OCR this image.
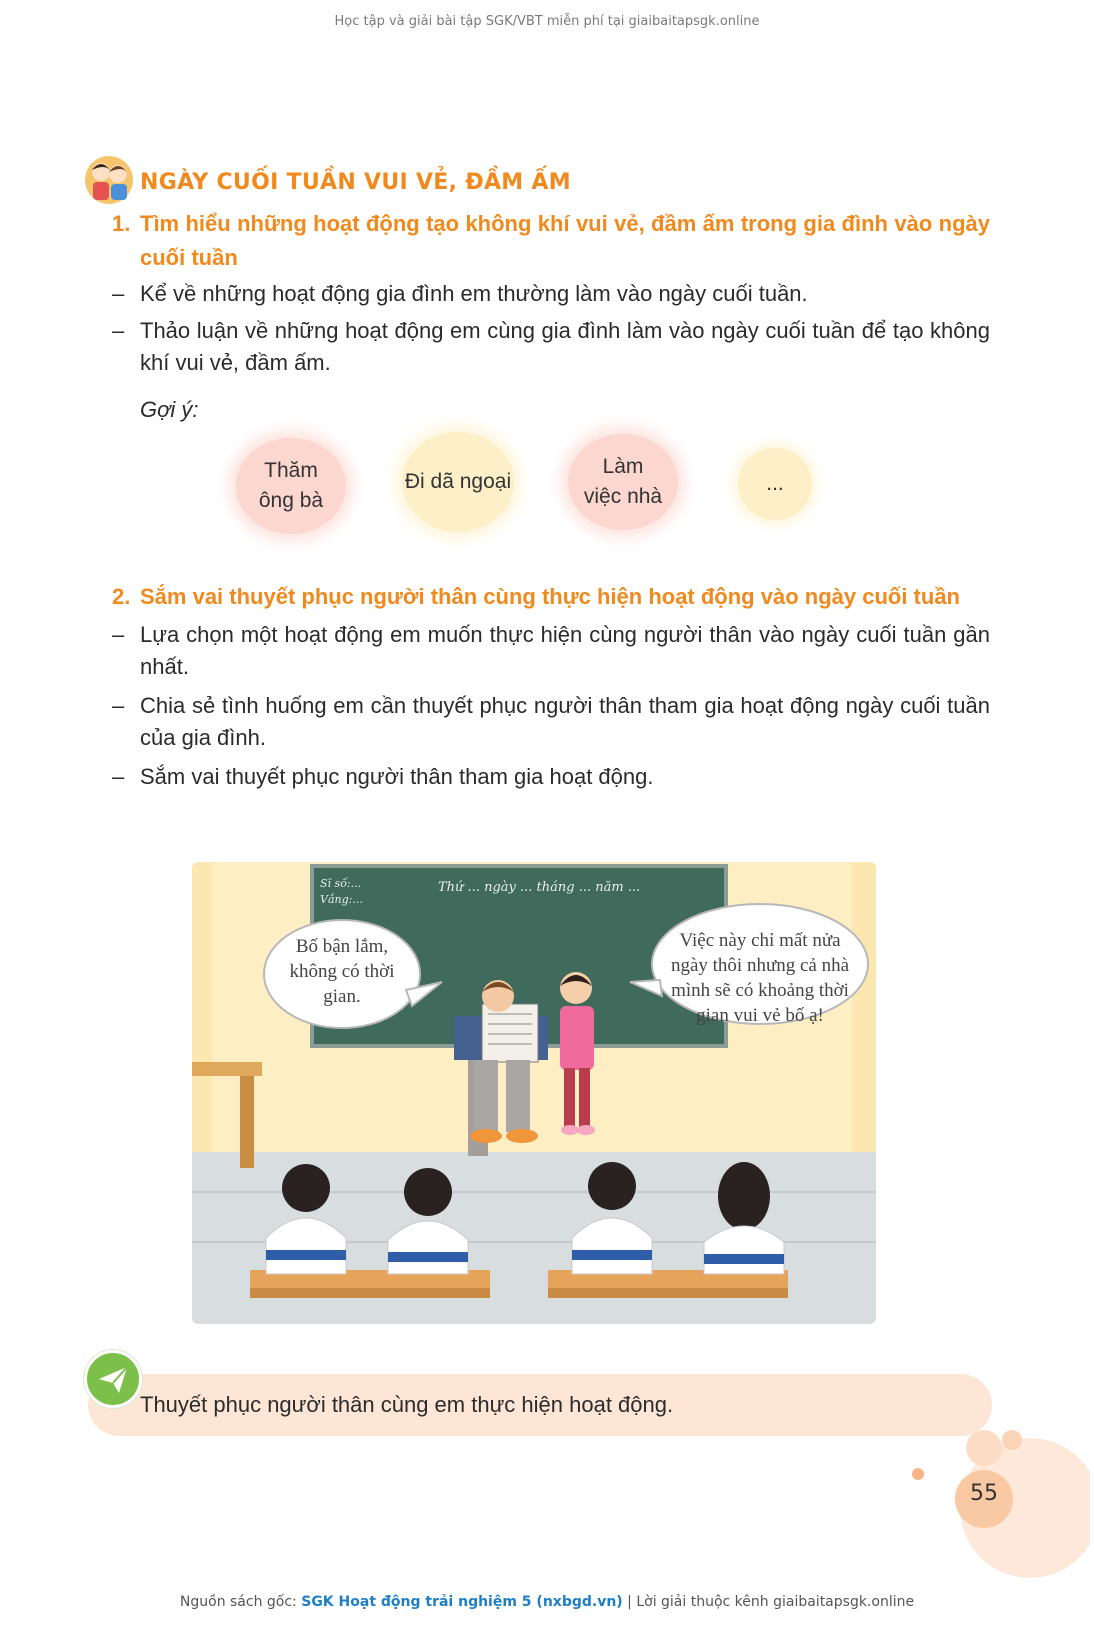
Học tập và giải bài tập SGK/VBT miễn phí tại giaibaitapsgk.online
NGÀY CUỐI TUẦN VUI VẺ, ĐẦM ẤM
1. Tìm hiểu những hoạt động tạo không khí vui vẻ, đầm ấm trong gia đình vào ngày cuối tuần
– Kể về những hoạt động gia đình em thường làm vào ngày cuối tuần.
– Thảo luận về những hoạt động em cùng gia đình làm vào ngày cuối tuần để tạo không khí vui vẻ, đầm ấm.
Gợi ý:
Thăm ông bà
Đi dã ngoại
Làm việc nhà
...
2. Sắm vai thuyết phục người thân cùng thực hiện hoạt động vào ngày cuối tuần
– Lựa chọn một hoạt động em muốn thực hiện cùng người thân vào ngày cuối tuần gần nhất.
– Chia sẻ tình huống em cần thuyết phục người thân tham gia hoạt động ngày cuối tuần của gia đình.
– Sắm vai thuyết phục người thân tham gia hoạt động.
Sĩ số:... Vắng:...
Thứ ... ngày ... tháng ... năm ...
Bố bận lắm, không có thời gian.
Việc này chỉ mất nửa ngày thôi nhưng cả nhà mình sẽ có khoảng thời gian vui vẻ bố ạ!
Thuyết phục người thân cùng em thực hiện hoạt động.
55
Nguồn sách gốc: SGK Hoạt động trải nghiệm 5 (nxbgd.vn) | Lời giải thuộc kênh giaibaitapsgk.online
